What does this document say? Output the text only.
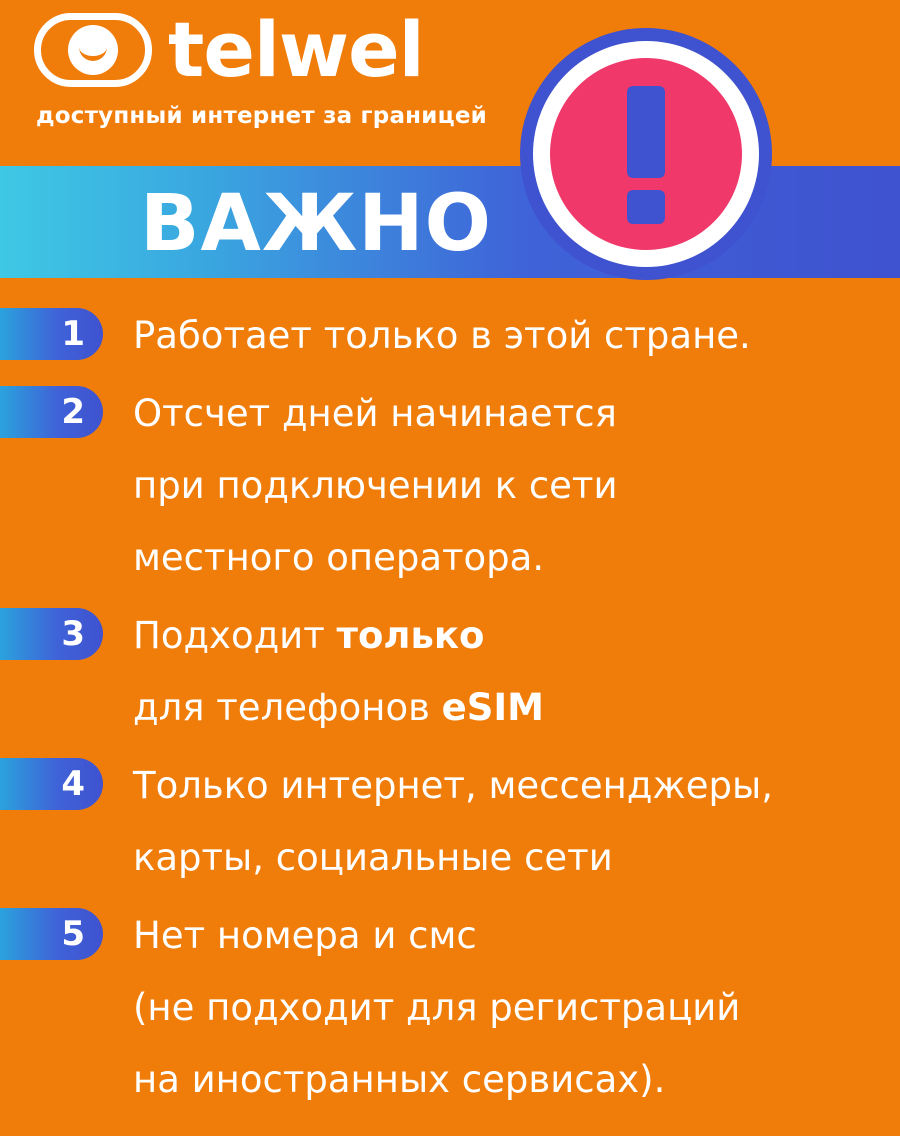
telwel
доступный интернет за границей
ВАЖНО
1	Работает только в этой стране.
2	Отсчет дней начинается
при подключении к сети
местного оператора.
3	Подходит только
для телефонов eSIM
4	Только интернет, мессенджеры,
карты, социальные сети
5	Нет номера и смс
(не подходит для регистраций
на иностранных сервисах).
